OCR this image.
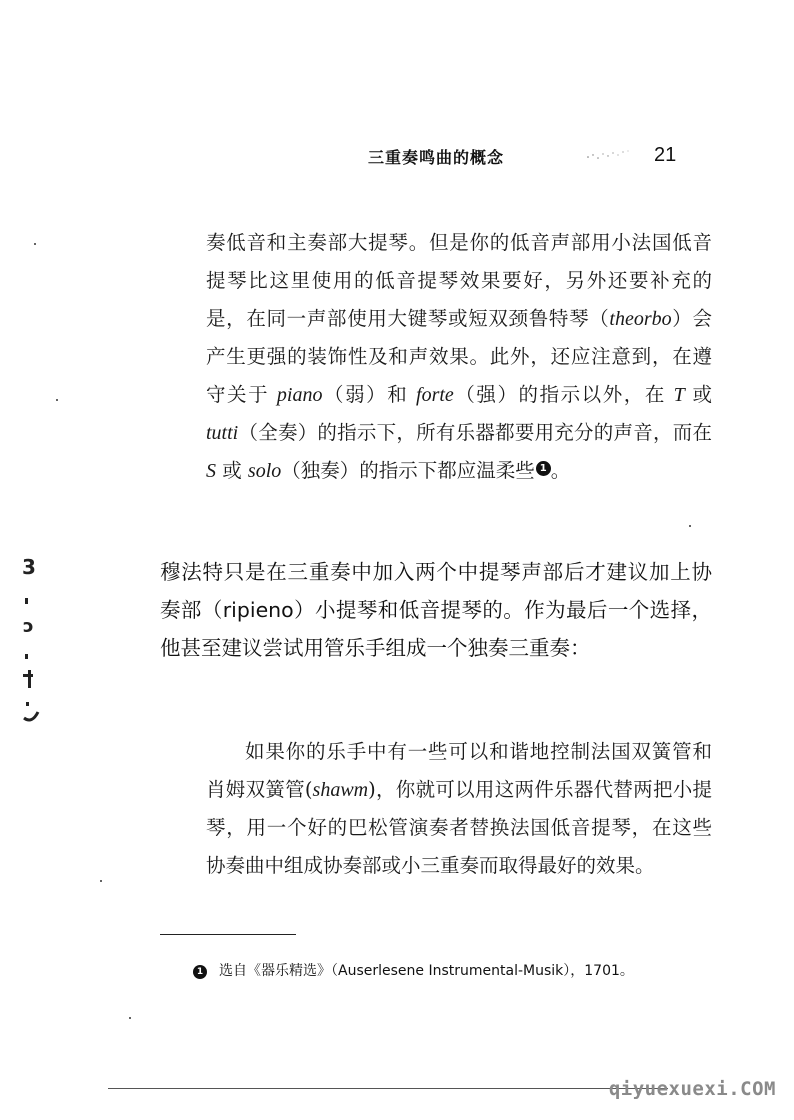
三重奏鸣曲的概念	21

奏低音和主奏部大提琴。但是你的低音声部用小法国低音提琴比这里使用的低音提琴效果要好，另外还要补充的是，在同一声部使用大键琴或短双颈鲁特琴（theorbo）会产生更强的装饰性及和声效果。此外，还应注意到，在遵守关于 piano（弱）和 forte（强）的指示以外，在 T 或 tutti（全奏）的指示下，所有乐器都要用充分的声音，而在 S 或 solo（独奏）的指示下都应温柔些 1 。

3
ͻ

穆法特只是在三重奏中加入两个中提琴声部后才建议加上协奏部（ripieno）小提琴和低音提琴的。作为最后一个选择，他甚至建议尝试用管乐手组成一个独奏三重奏：

如果你的乐手中有一些可以和谐地控制法国双簧管和肖姆双簧管(shawm)，你就可以用这两件乐器代替两把小提琴，用一个好的巴松管演奏者替换法国低音提琴，在这些协奏曲中组成协奏部或小三重奏而取得最好的效果。

1 选自《器乐精选》（Auserlesene Instrumental-Musik），1701。
qiyuexuexi.COM
